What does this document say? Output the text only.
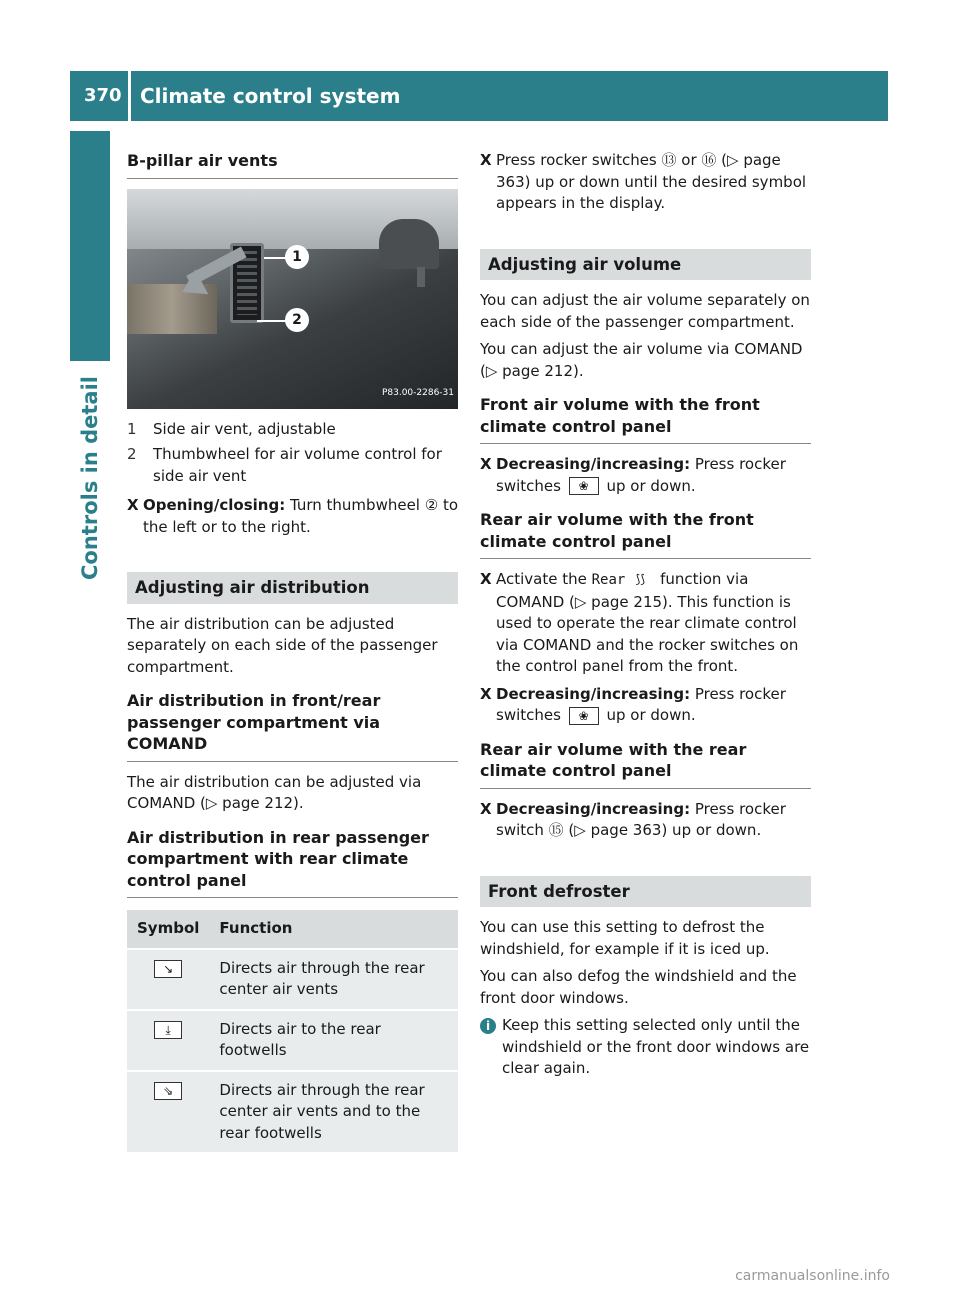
370 Climate control system
Controls in detail
B-pillar air vents
1
2
P83.00-2286-31
1	Side air vent, adjustable
2	Thumbwheel for air volume control for side air vent
X Opening/closing: Turn thumbwheel ② to the left or to the right.
Adjusting air distribution

The air distribution can be adjusted separately on each side of the passenger compartment.

Air distribution in front/rear passenger compartment via COMAND

The air distribution can be adjusted via COMAND (▷ page 212).

Air distribution in rear passenger compartment with rear climate control panel
Symbol	Function
↘	Directs air through the rear center air vents
⤓	Directs air to the rear footwells
⇘	Directs air through the rear center air vents and to the rear footwells
X Press rocker switches ⑬ or ⑯ (▷ page 363) up or down until the desired symbol appears in the display.
Adjusting air volume

You can adjust the air volume separately on each side of the passenger compartment.

You can adjust the air volume via COMAND (▷ page 212).

Front air volume with the front climate control panel
X Decreasing/increasing: Press rocker switches ❀ up or down.
Rear air volume with the front climate control panel
X Activate the Rear ⟆⟆ function via COMAND (▷ page 215). This function is used to operate the rear climate control via COMAND and the rocker switches on the control panel from the front.
X Decreasing/increasing: Press rocker switches ❀ up or down.
Rear air volume with the rear climate control panel
X Decreasing/increasing: Press rocker switch ⑮ (▷ page 363) up or down.
Front defroster

You can use this setting to defrost the windshield, for example if it is iced up.

You can also defog the windshield and the front door windows.

i Keep this setting selected only until the windshield or the front door windows are clear again.
carmanualsonline.info
